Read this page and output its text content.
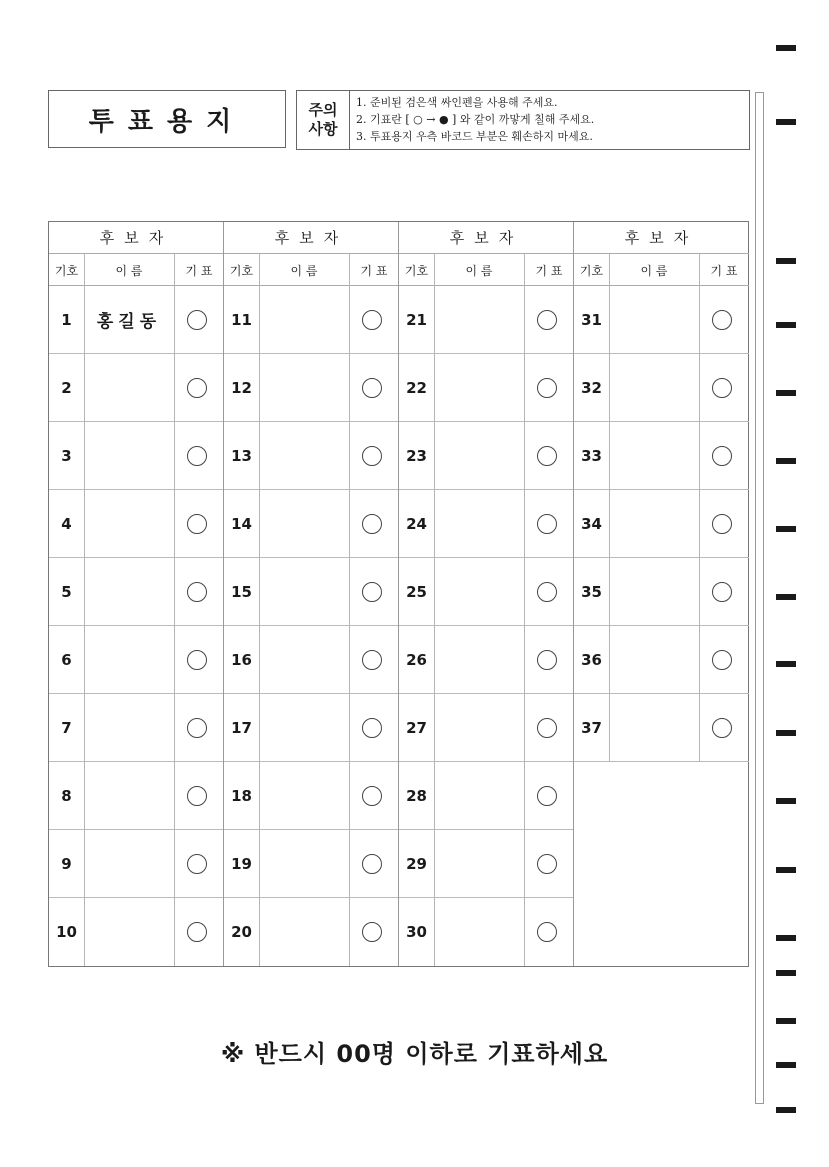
투표용지	주의
사항
1. 준비된 검은색 싸인펜을 사용해 주세요.
2. 기표란 [ ○ → ● ] 와 같이 까맣게 칠해 주세요.
3. 투표용지 우측 바코드 부분은 훼손하지 마세요.
후보자
기호	이 름	기 표
1	홍길동
2
3
4
5
6
7
8
9
10
후보자
기호	이 름	기 표
11
12
13
14
15
16
17
18
19
20
후보자
기호	이 름	기 표
21
22
23
24
25
26
27
28
29
30
후보자
기호	이 름	기 표
31
32
33
34
35
36
37
※ 반드시 00명 이하로 기표하세요
